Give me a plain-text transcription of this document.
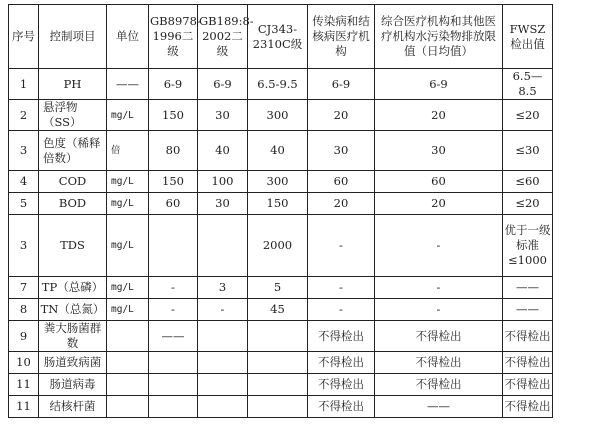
序号	控制项目	单位	GB8978-1996二级	GB189:8-2002二级	CJ343-2310C级	传染病和结核病医疗机构	综合医疗机构和其他医疗机构水污染物排放限值（日均值）	FWSZ检出值
1	PH	——	6-9	6-9	6.5-9.5	6-9	6-9	6.5—8.5
2	悬浮物（SS）	mg/L	150	30	300	20	20	≤20
3	色度（稀释倍数）	倍	80	40	40	30	30	≤30
4	COD	mg/L	150	100	300	60	60	≤60
5	BOD	mg/L	60	30	150	20	20	≤20
3	TDS	mg/L			2000	-	-	优于一级标准≤1000
7	TP（总磷）	mg/L	-	3	5	-	-	——
8	TN（总氮）	mg/L	-	-	45	-	-	——
9	粪大肠菌群数		——			不得检出	不得检出	不得检出
10	肠道致病菌					不得检出	不得检出	不得检出
11	肠道病毒					不得检出	不得检出	不得检出
11	结核杆菌					不得检出	——	不得检出
